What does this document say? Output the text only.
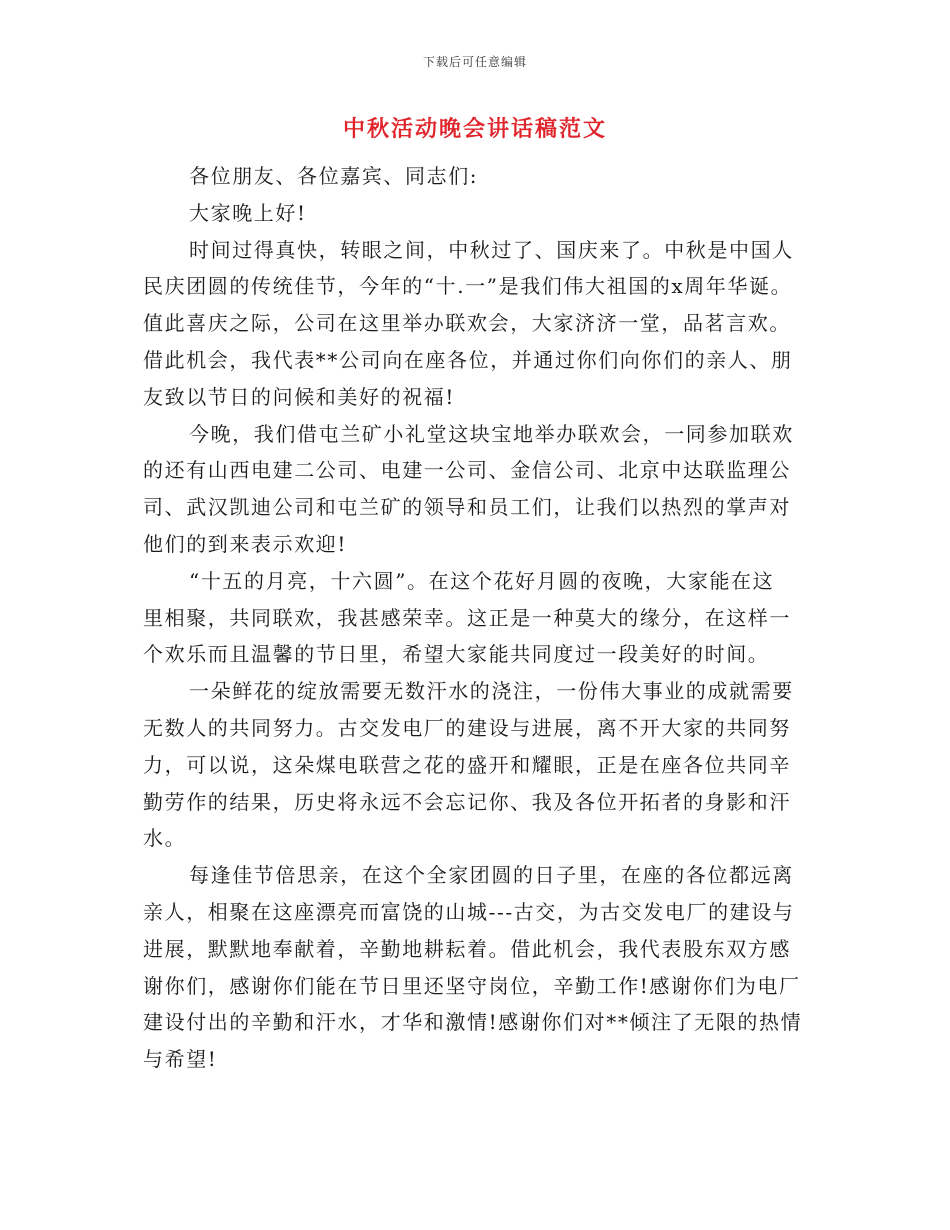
下载后可任意编辑
中秋活动晚会讲话稿范文
各位朋友、各位嘉宾、同志们:
大家晚上好!
时间过得真快，转眼之间，中秋过了、国庆来了。中秋是中国人
民庆团圆的传统佳节，今年的“十.一”是我们伟大祖国的x周年华诞。
值此喜庆之际，公司在这里举办联欢会，大家济济一堂，品茗言欢。
借此机会，我代表**公司向在座各位，并通过你们向你们的亲人、朋
友致以节日的问候和美好的祝福!
今晚，我们借屯兰矿小礼堂这块宝地举办联欢会，一同参加联欢
的还有山西电建二公司、电建一公司、金信公司、北京中达联监理公
司、武汉凯迪公司和屯兰矿的领导和员工们，让我们以热烈的掌声对
他们的到来表示欢迎!
“十五的月亮，十六圆”。在这个花好月圆的夜晚，大家能在这
里相聚，共同联欢，我甚感荣幸。这正是一种莫大的缘分，在这样一
个欢乐而且温馨的节日里，希望大家能共同度过一段美好的时间。
一朵鲜花的绽放需要无数汗水的浇注，一份伟大事业的成就需要
无数人的共同努力。古交发电厂的建设与进展，离不开大家的共同努
力，可以说，这朵煤电联营之花的盛开和耀眼，正是在座各位共同辛
勤劳作的结果，历史将永远不会忘记你、我及各位开拓者的身影和汗
水。
每逢佳节倍思亲，在这个全家团圆的日子里，在座的各位都远离
亲人，相聚在这座漂亮而富饶的山城---古交，为古交发电厂的建设与
进展，默默地奉献着，辛勤地耕耘着。借此机会，我代表股东双方感
谢你们，感谢你们能在节日里还坚守岗位，辛勤工作!感谢你们为电厂
建设付出的辛勤和汗水，才华和激情!感谢你们对**倾注了无限的热情
与希望!
